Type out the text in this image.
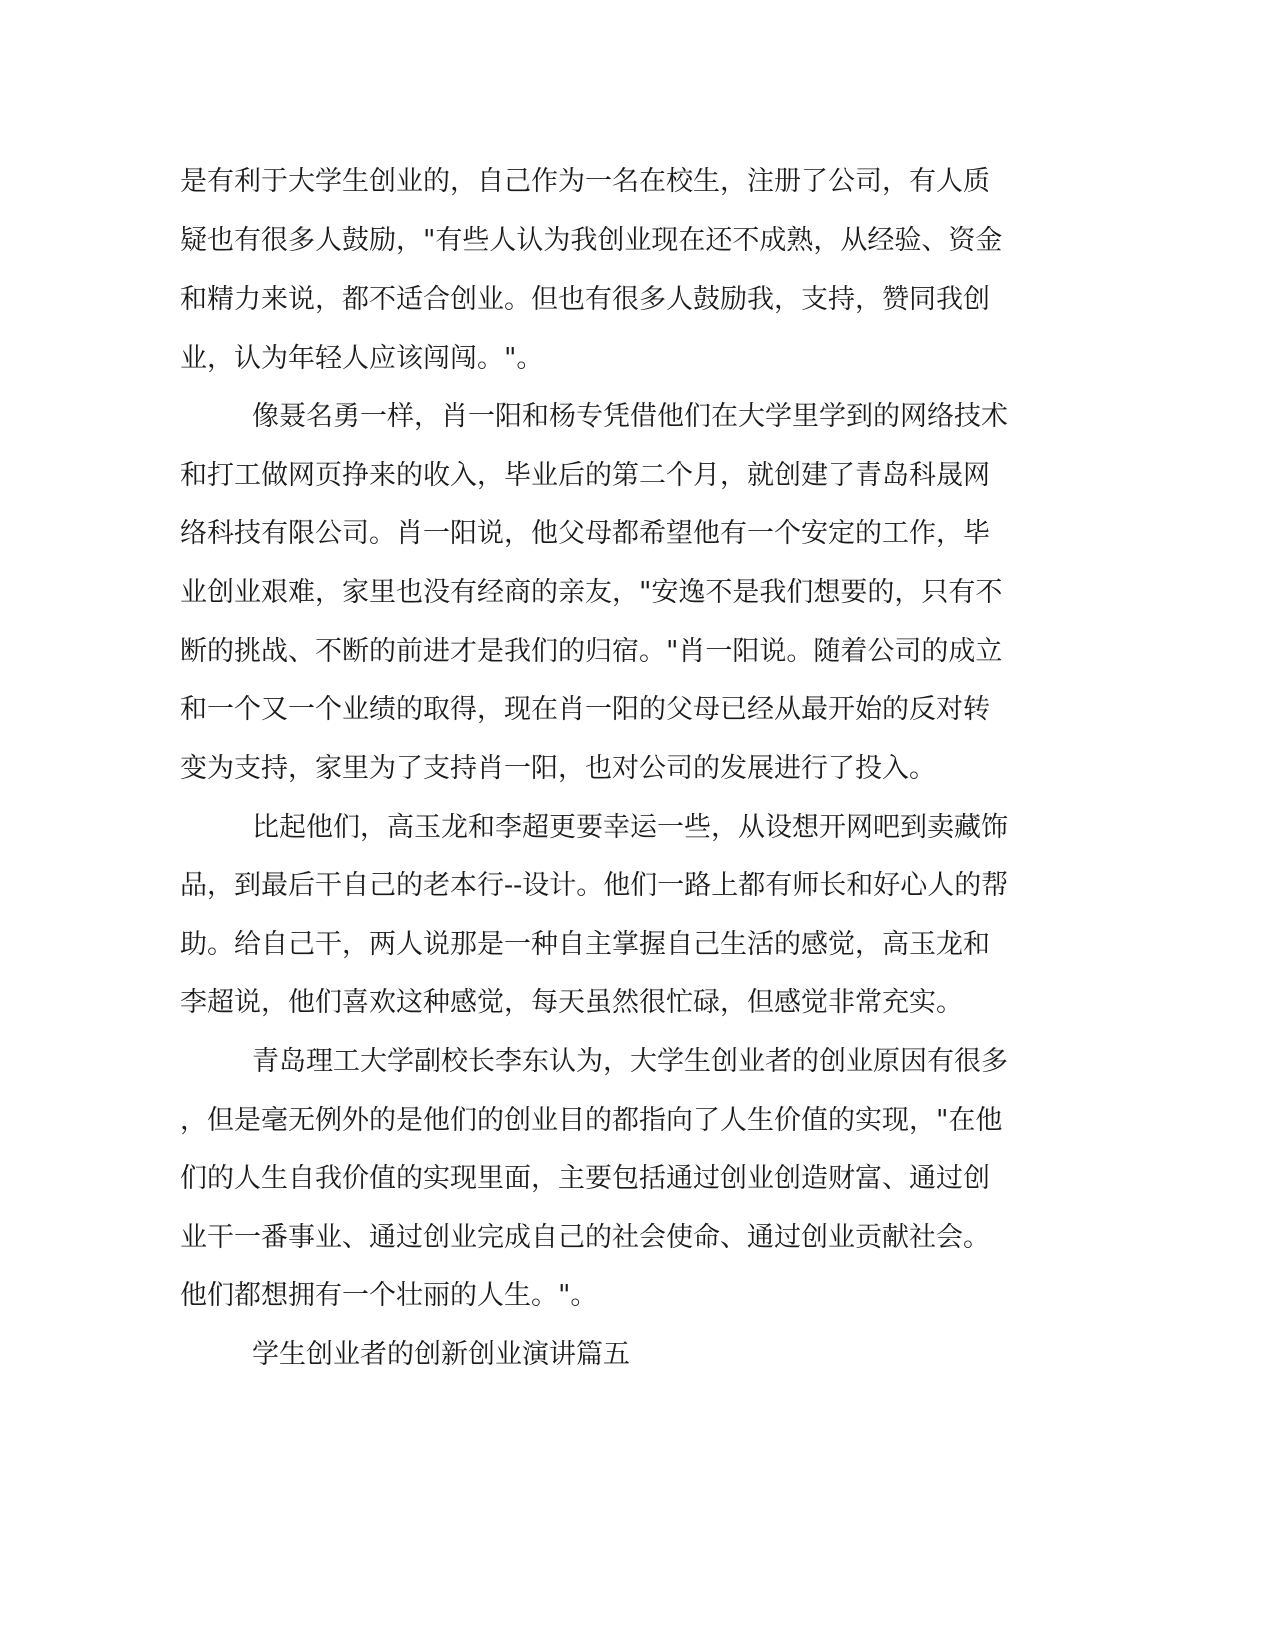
是有利于大学生创业的，自己作为一名在校生，注册了公司，有人质
疑也有很多人鼓励，"有些人认为我创业现在还不成熟，从经验、资金
和精力来说，都不适合创业。但也有很多人鼓励我，支持，赞同我创
业，认为年轻人应该闯闯。"。
像聂名勇一样，肖一阳和杨专凭借他们在大学里学到的网络技术
和打工做网页挣来的收入，毕业后的第二个月，就创建了青岛科晟网
络科技有限公司。肖一阳说，他父母都希望他有一个安定的工作，毕
业创业艰难，家里也没有经商的亲友，"安逸不是我们想要的，只有不
断的挑战、不断的前进才是我们的归宿。"肖一阳说。随着公司的成立
和一个又一个业绩的取得，现在肖一阳的父母已经从最开始的反对转
变为支持，家里为了支持肖一阳，也对公司的发展进行了投入。
比起他们，高玉龙和李超更要幸运一些，从设想开网吧到卖藏饰
品，到最后干自己的老本行--设计。他们一路上都有师长和好心人的帮
助。给自己干，两人说那是一种自主掌握自己生活的感觉，高玉龙和
李超说，他们喜欢这种感觉，每天虽然很忙碌，但感觉非常充实。
青岛理工大学副校长李东认为，大学生创业者的创业原因有很多
，但是毫无例外的是他们的创业目的都指向了人生价值的实现，"在他
们的人生自我价值的实现里面，主要包括通过创业创造财富、通过创
业干一番事业、通过创业完成自己的社会使命、通过创业贡献社会。
他们都想拥有一个壮丽的人生。"。
学生创业者的创新创业演讲篇五
